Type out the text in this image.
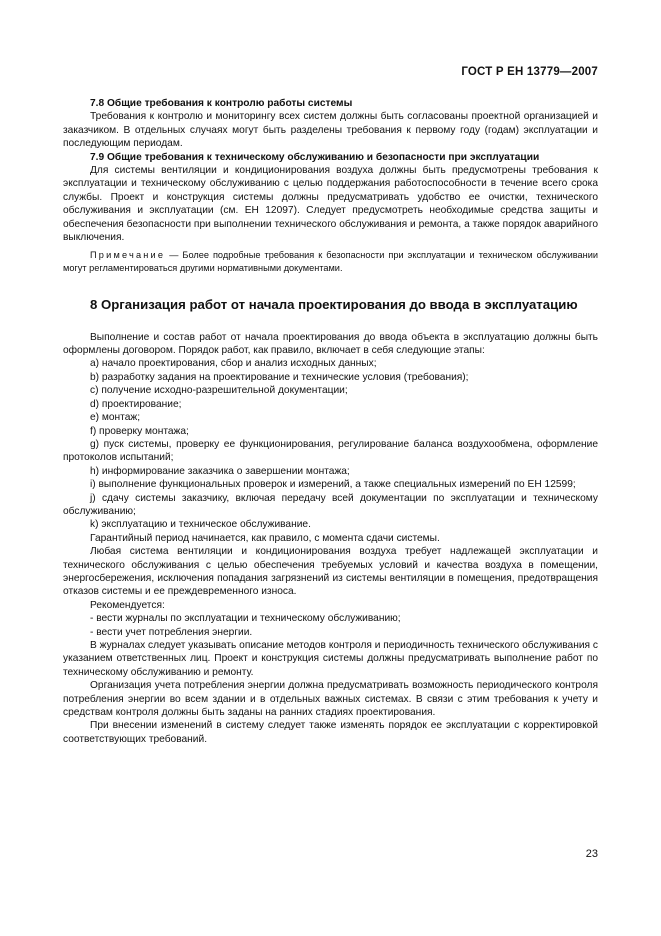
ГОСТ Р ЕН 13779—2007

7.8 Общие требования к контролю работы системы

Требования к контролю и мониторингу всех систем должны быть согласованы проектной организацией и заказчиком. В отдельных случаях могут быть разделены требования к первому году (годам) эксплуатации и последующим периодам.

7.9 Общие требования к техническому обслуживанию и безопасности при эксплуатации

Для системы вентиляции и кондиционирования воздуха должны быть предусмотрены требования к эксплуатации и техническому обслуживанию с целью поддержания работоспособности в течение всего срока службы. Проект и конструкция системы должны предусматривать удобство ее очистки, технического обслуживания и эксплуатации (см. ЕН 12097). Следует предусмотреть необходимые средства защиты и обеспечения безопасности при выполнении технического обслуживания и ремонта, а также порядок аварийного выключения.

Примечание — Более подробные требования к безопасности при эксплуатации и техническом обслуживании могут регламентироваться другими нормативными документами.

8 Организация работ от начала проектирования до ввода в эксплуатацию

Выполнение и состав работ от начала проектирования до ввода объекта в эксплуатацию должны быть оформлены договором. Порядок работ, как правило, включает в себя следующие этапы:

a) начало проектирования, сбор и анализ исходных данных;

b) разработку задания на проектирование и технические условия (требования);

c) получение исходно-разрешительной документации;

d) проектирование;

e) монтаж;

f) проверку монтажа;

g) пуск системы, проверку ее функционирования, регулирование баланса воздухообмена, оформление протоколов испытаний;

h) информирование заказчика о завершении монтажа;

i) выполнение функциональных проверок и измерений, а также специальных измерений по ЕН 12599;

j) сдачу системы заказчику, включая передачу всей документации по эксплуатации и техническому обслуживанию;

k) эксплуатацию и техническое обслуживание.

Гарантийный период начинается, как правило, с момента сдачи системы.

Любая система вентиляции и кондиционирования воздуха требует надлежащей эксплуатации и технического обслуживания с целью обеспечения требуемых условий и качества воздуха в помещении, энергосбережения, исключения попадания загрязнений из системы вентиляции в помещения, предотвращения отказов системы и ее преждевременного износа.

Рекомендуется:

- вести журналы по эксплуатации и техническому обслуживанию;

- вести учет потребления энергии.

В журналах следует указывать описание методов контроля и периодичность технического обслуживания с указанием ответственных лиц. Проект и конструкция системы должны предусматривать выполнение работ по техническому обслуживанию и ремонту.

Организация учета потребления энергии должна предусматривать возможность периодического контроля потребления энергии во всем здании и в отдельных важных системах. В связи с этим требования к учету и средствам контроля должны быть заданы на ранних стадиях проектирования.

При внесении изменений в систему следует также изменять порядок ее эксплуатации с корректировкой соответствующих требований.

23
